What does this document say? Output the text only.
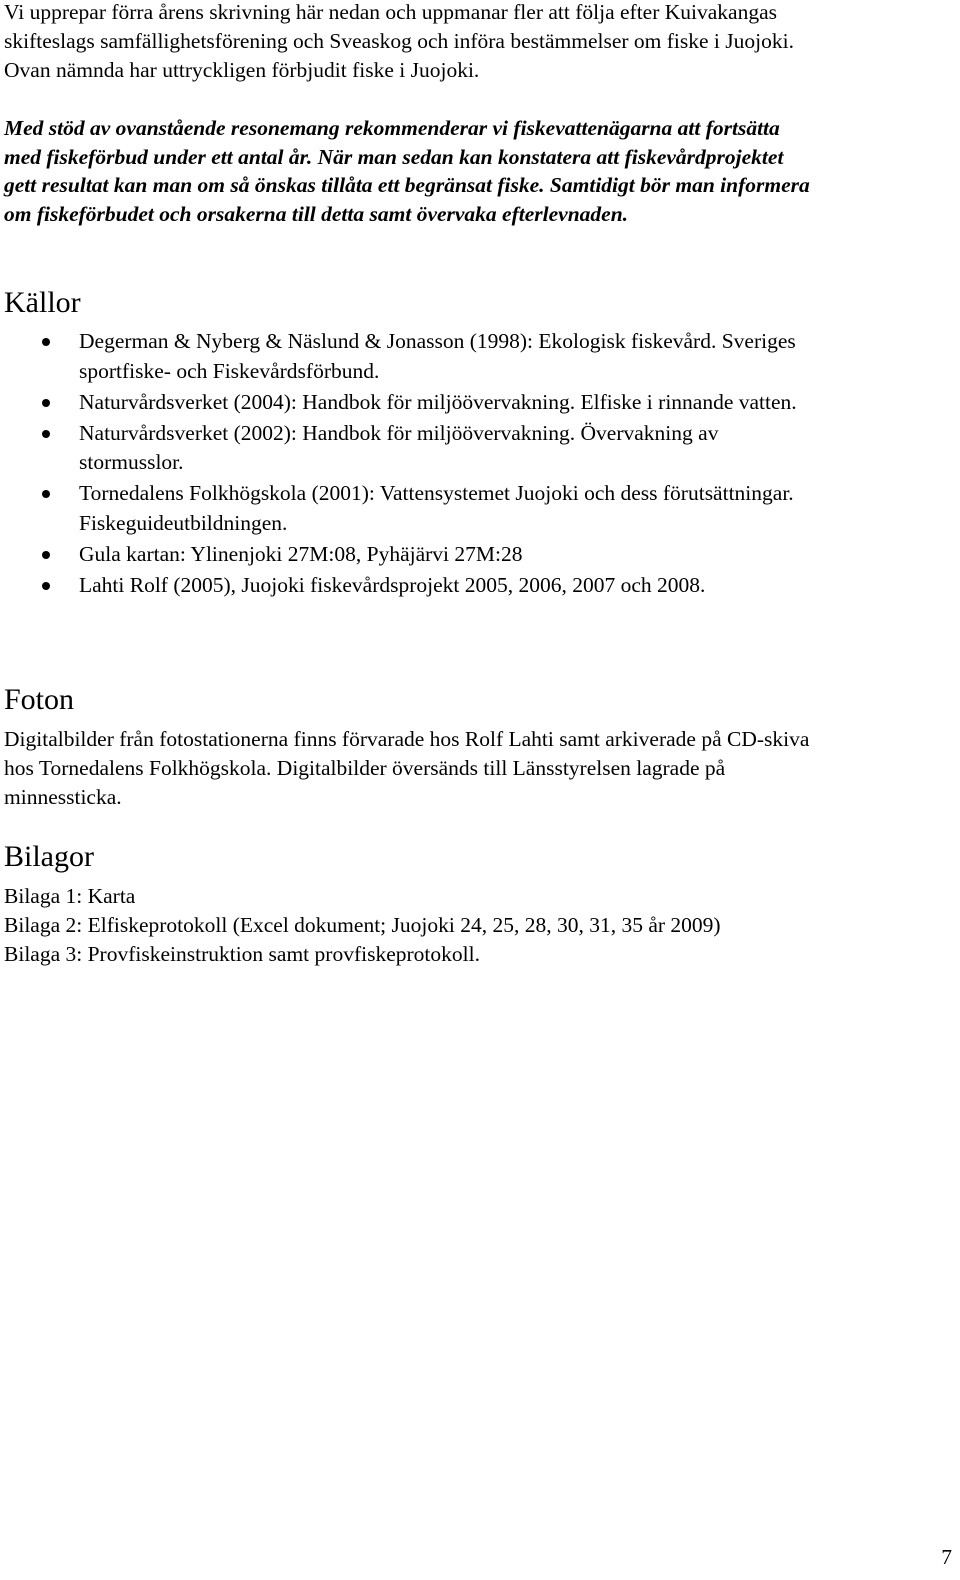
Vi upprepar förra årens skrivning här nedan och uppmanar fler att följa efter Kuivakangas
skifteslags samfällighetsförening och Sveaskog och införa bestämmelser om fiske i Juojoki.
Ovan nämnda har uttryckligen förbjudit fiske i Juojoki.

Med stöd av ovanstående resonemang rekommenderar vi fiskevattenägarna att fortsätta
med fiskeförbud under ett antal år. När man sedan kan konstatera att fiskevårdprojektet
gett resultat kan man om så önskas tillåta ett begränsat fiske. Samtidigt bör man informera
om fiskeförbudet och orsakerna till detta samt övervaka efterlevnaden.

Källor
Degerman & Nyberg & Näslund & Jonasson (1998): Ekologisk fiskevård. Sveriges
sportfiske- och Fiskevårdsförbund.
Naturvårdsverket (2004): Handbok för miljöövervakning. Elfiske i rinnande vatten.
Naturvårdsverket (2002): Handbok för miljöövervakning. Övervakning av
stormusslor.
Tornedalens Folkhögskola (2001): Vattensystemet Juojoki och dess förutsättningar.
Fiskeguideutbildningen.
Gula kartan: Ylinenjoki 27M:08, Pyhäjärvi 27M:28
Lahti Rolf (2005), Juojoki fiskevårdsprojekt 2005, 2006, 2007 och 2008.
Foton

Digitalbilder från fotostationerna finns förvarade hos Rolf Lahti samt arkiverade på CD-skiva
hos Tornedalens Folkhögskola. Digitalbilder översänds till Länsstyrelsen lagrade på
minnessticka.

Bilagor
Bilaga 1: Karta
Bilaga 2: Elfiskeprotokoll (Excel dokument; Juojoki 24, 25, 28, 30, 31, 35 år 2009)
Bilaga 3: Provfiskeinstruktion samt provfiskeprotokoll.
7
